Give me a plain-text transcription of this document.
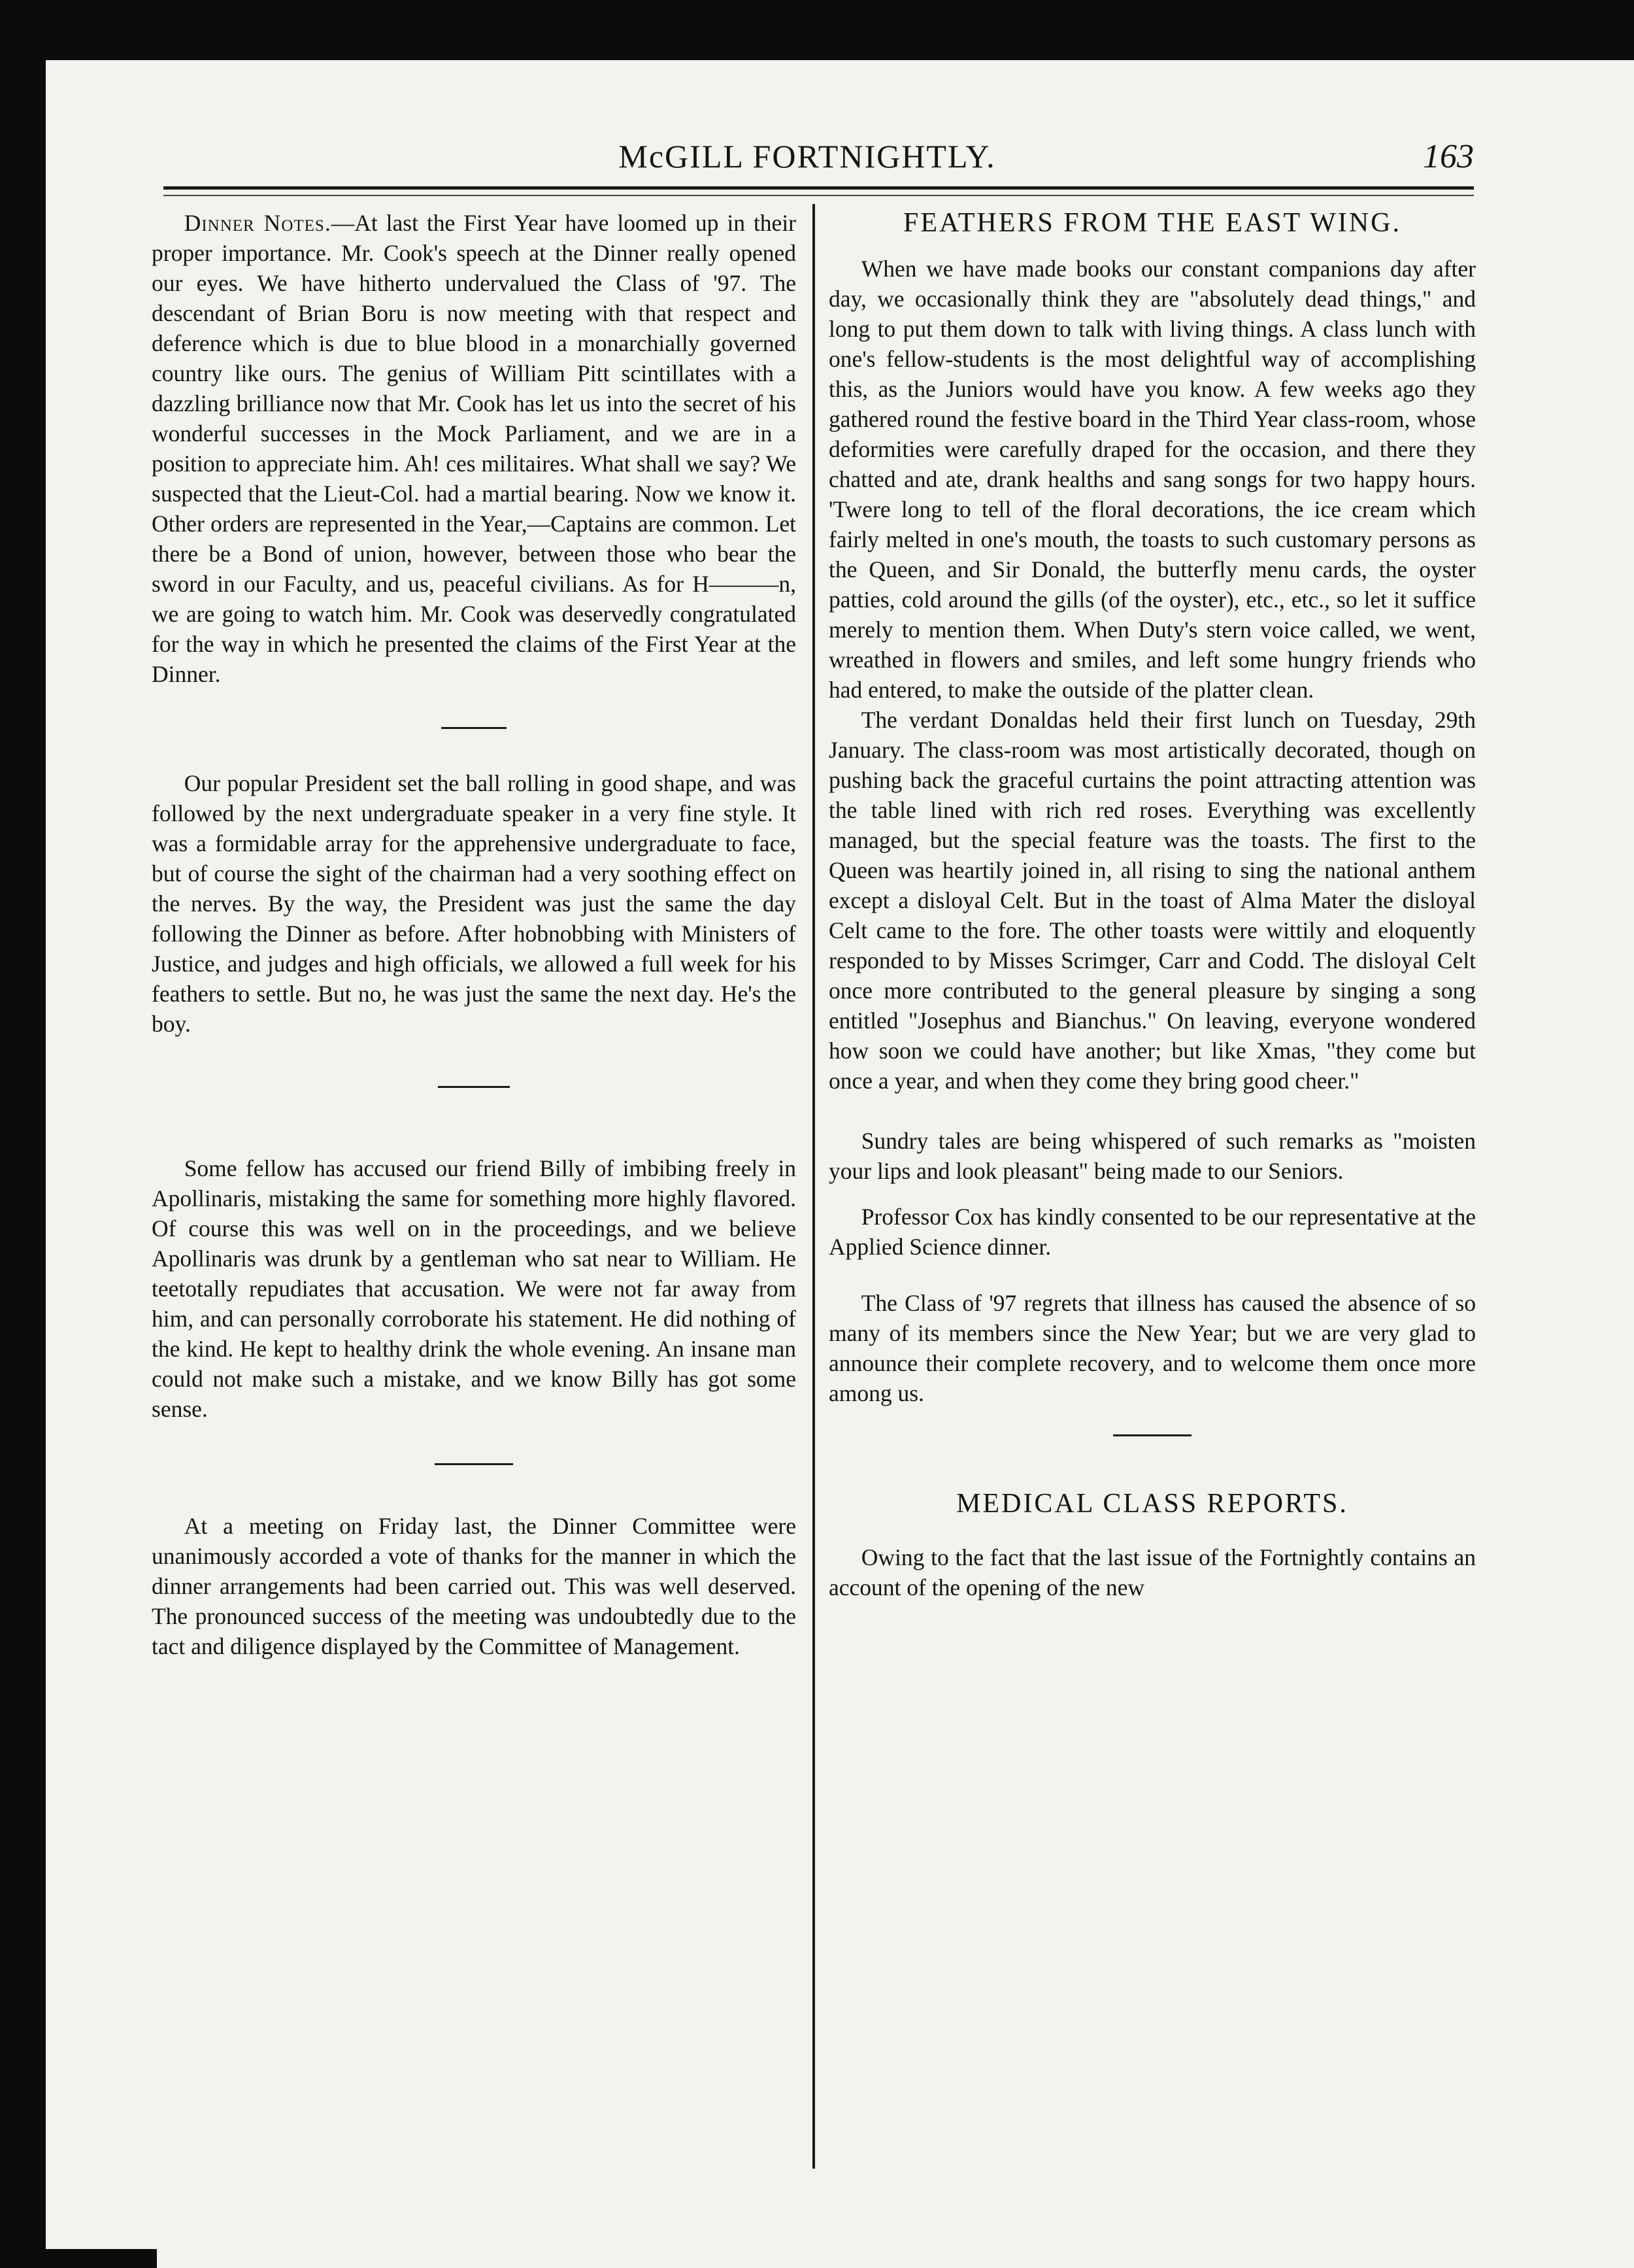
McGILL FORTNIGHTLY.	163

Dinner Notes.—At last the First Year have loomed up in their proper importance. Mr. Cook's speech at the Dinner really opened our eyes. We have hitherto undervalued the Class of '97. The descendant of Brian Boru is now meeting with that respect and deference which is due to blue blood in a monarchially governed country like ours. The genius of William Pitt scintillates with a dazzling brilliance now that Mr. Cook has let us into the secret of his wonderful successes in the Mock Parliament, and we are in a position to appreciate him. Ah! ces militaires. What shall we say? We suspected that the Lieut-Col. had a martial bearing. Now we know it. Other orders are represented in the Year,—Captains are common. Let there be a Bond of union, however, between those who bear the sword in our Faculty, and us, peaceful civilians. As for H———n, we are going to watch him. Mr. Cook was deservedly congratulated for the way in which he presented the claims of the First Year at the Dinner.

Our popular President set the ball rolling in good shape, and was followed by the next undergraduate speaker in a very fine style. It was a formidable array for the apprehensive undergraduate to face, but of course the sight of the chairman had a very soothing effect on the nerves. By the way, the President was just the same the day following the Dinner as before. After hobnobbing with Ministers of Justice, and judges and high officials, we allowed a full week for his feathers to settle. But no, he was just the same the next day. He's the boy.

Some fellow has accused our friend Billy of imbibing freely in Apollinaris, mistaking the same for something more highly flavored. Of course this was well on in the proceedings, and we believe Apollinaris was drunk by a gentleman who sat near to William. He teetotally repudiates that accusation. We were not far away from him, and can personally corroborate his statement. He did nothing of the kind. He kept to healthy drink the whole evening. An insane man could not make such a mistake, and we know Billy has got some sense.

At a meeting on Friday last, the Dinner Committee were unanimously accorded a vote of thanks for the manner in which the dinner arrangements had been carried out. This was well deserved. The pronounced success of the meeting was undoubtedly due to the tact and diligence displayed by the Committee of Management.

FEATHERS FROM THE EAST WING.

When we have made books our constant companions day after day, we occasionally think they are "absolutely dead things," and long to put them down to talk with living things. A class lunch with one's fellow-students is the most delightful way of accomplishing this, as the Juniors would have you know. A few weeks ago they gathered round the festive board in the Third Year class-room, whose deformities were carefully draped for the occasion, and there they chatted and ate, drank healths and sang songs for two happy hours. 'Twere long to tell of the floral decorations, the ice cream which fairly melted in one's mouth, the toasts to such customary persons as the Queen, and Sir Donald, the butterfly menu cards, the oyster patties, cold around the gills (of the oyster), etc., etc., so let it suffice merely to mention them. When Duty's stern voice called, we went, wreathed in flowers and smiles, and left some hungry friends who had entered, to make the outside of the platter clean.

The verdant Donaldas held their first lunch on Tuesday, 29th January. The class-room was most artistically decorated, though on pushing back the graceful curtains the point attracting attention was the table lined with rich red roses. Everything was excellently managed, but the special feature was the toasts. The first to the Queen was heartily joined in, all rising to sing the national anthem except a disloyal Celt. But in the toast of Alma Mater the disloyal Celt came to the fore. The other toasts were wittily and eloquently responded to by Misses Scrimger, Carr and Codd. The disloyal Celt once more contributed to the general pleasure by singing a song entitled "Josephus and Bianchus." On leaving, everyone wondered how soon we could have another; but like Xmas, "they come but once a year, and when they come they bring good cheer."

Sundry tales are being whispered of such remarks as "moisten your lips and look pleasant" being made to our Seniors.

Professor Cox has kindly consented to be our representative at the Applied Science dinner.

The Class of '97 regrets that illness has caused the absence of so many of its members since the New Year; but we are very glad to announce their complete recovery, and to welcome them once more among us.

MEDICAL CLASS REPORTS.

Owing to the fact that the last issue of the Fortnightly contains an account of the opening of the new
